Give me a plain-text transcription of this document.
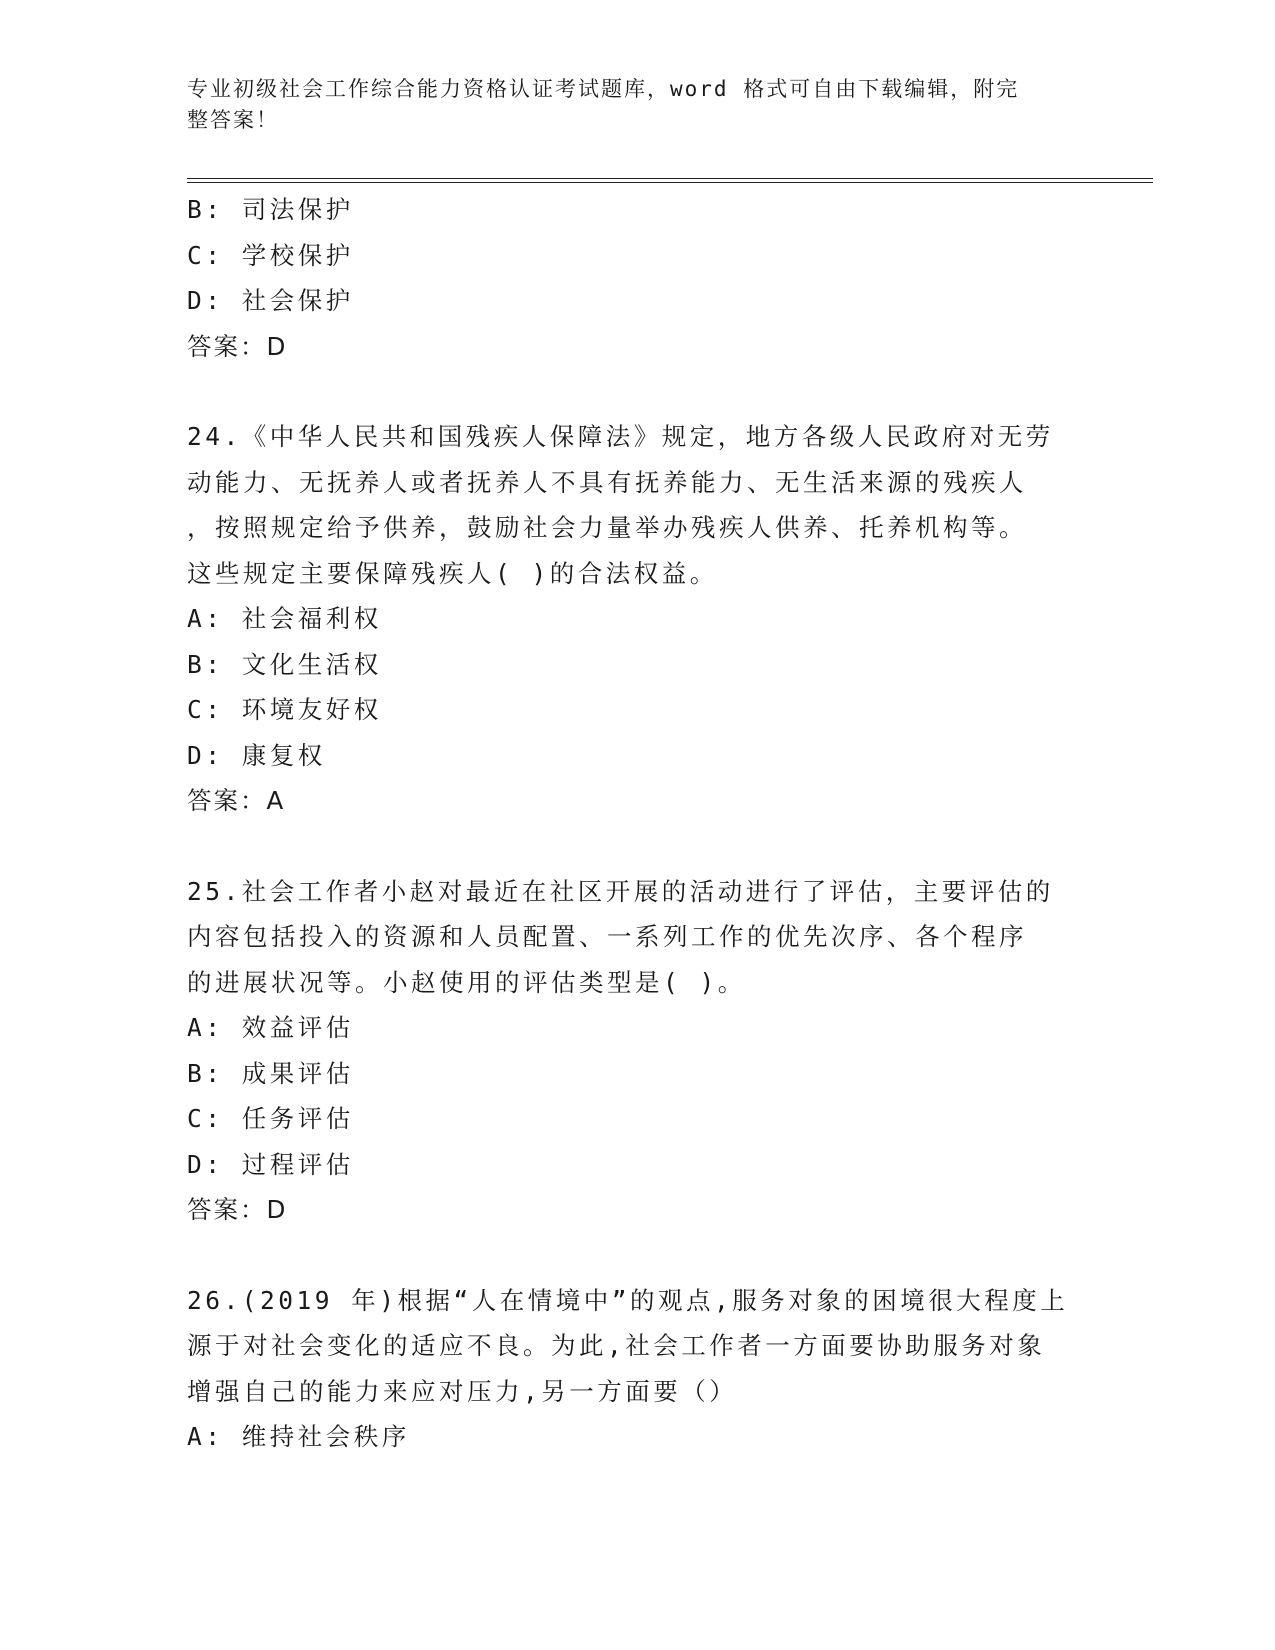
专业初级社会工作综合能力资格认证考试题库，word 格式可自由下载编辑，附完
整答案！
B: 司法保护
C: 学校保护
D: 社会保护
答案：D
24.《中华人民共和国残疾人保障法》规定，地方各级人民政府对无劳
动能力、无抚养人或者抚养人不具有抚养能力、无生活来源的残疾人
，按照规定给予供养，鼓励社会力量举办残疾人供养、托养机构等。
这些规定主要保障残疾人( )的合法权益。
A: 社会福利权
B: 文化生活权
C: 环境友好权
D: 康复权
答案：A
25.社会工作者小赵对最近在社区开展的活动进行了评估，主要评估的
内容包括投入的资源和人员配置、一系列工作的优先次序、各个程序
的进展状况等。小赵使用的评估类型是( )。
A: 效益评估
B: 成果评估
C: 任务评估
D: 过程评估
答案：D
26.(2019 年)根据“人在情境中”的观点,服务对象的困境很大程度上
源于对社会变化的适应不良。为此,社会工作者一方面要协助服务对象
增强自己的能力来应对压力,另一方面要（）
A: 维持社会秩序
